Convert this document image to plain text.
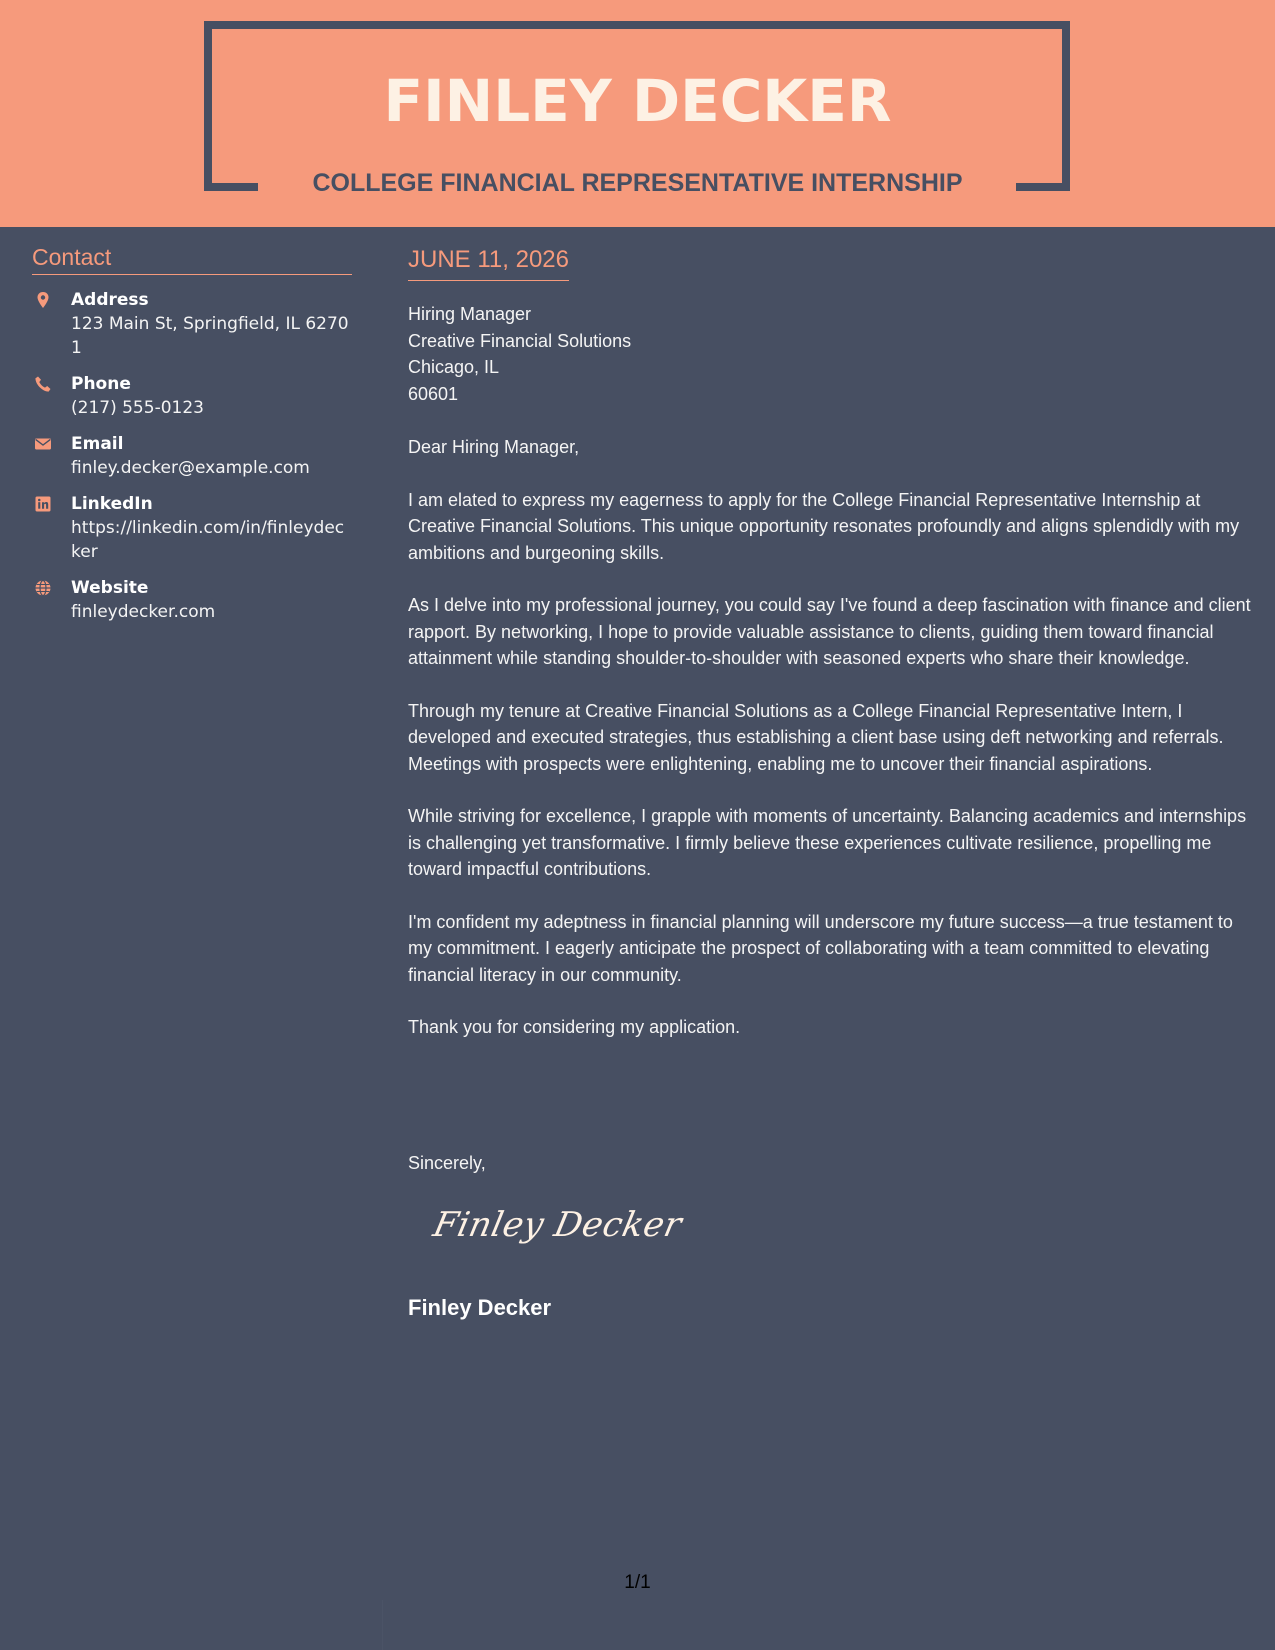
FINLEY DECKER
COLLEGE FINANCIAL REPRESENTATIVE INTERNSHIP
Contact
Address
123 Main St, Springfield, IL 62701
Phone
(217) 555-0123
Email
finley.decker@example.com
LinkedIn
https://linkedin.com/in/finleydecker
Website
finleydecker.com
JUNE 11, 2026
Hiring Manager
Creative Financial Solutions
Chicago, IL
60601
Dear Hiring Manager,

I am elated to express my eagerness to apply for the College Financial Representative Internship at Creative Financial Solutions. This unique opportunity resonates profoundly and aligns splendidly with my ambitions and burgeoning skills.

As I delve into my professional journey, you could say I've found a deep fascination with finance and client rapport. By networking, I hope to provide valuable assistance to clients, guiding them toward financial attainment while standing shoulder-to-shoulder with seasoned experts who share their knowledge.

Through my tenure at Creative Financial Solutions as a College Financial Representative Intern, I developed and executed strategies, thus establishing a client base using deft networking and referrals. Meetings with prospects were enlightening, enabling me to uncover their financial aspirations.

While striving for excellence, I grapple with moments of uncertainty. Balancing academics and internships is challenging yet transformative. I firmly believe these experiences cultivate resilience, propelling me toward impactful contributions.

I'm confident my adeptness in financial planning will underscore my future success—a true testament to my commitment. I eagerly anticipate the prospect of collaborating with a team committed to elevating financial literacy in our community.

Thank you for considering my application.

Sincerely,
Finley Decker
Finley Decker
1/1
